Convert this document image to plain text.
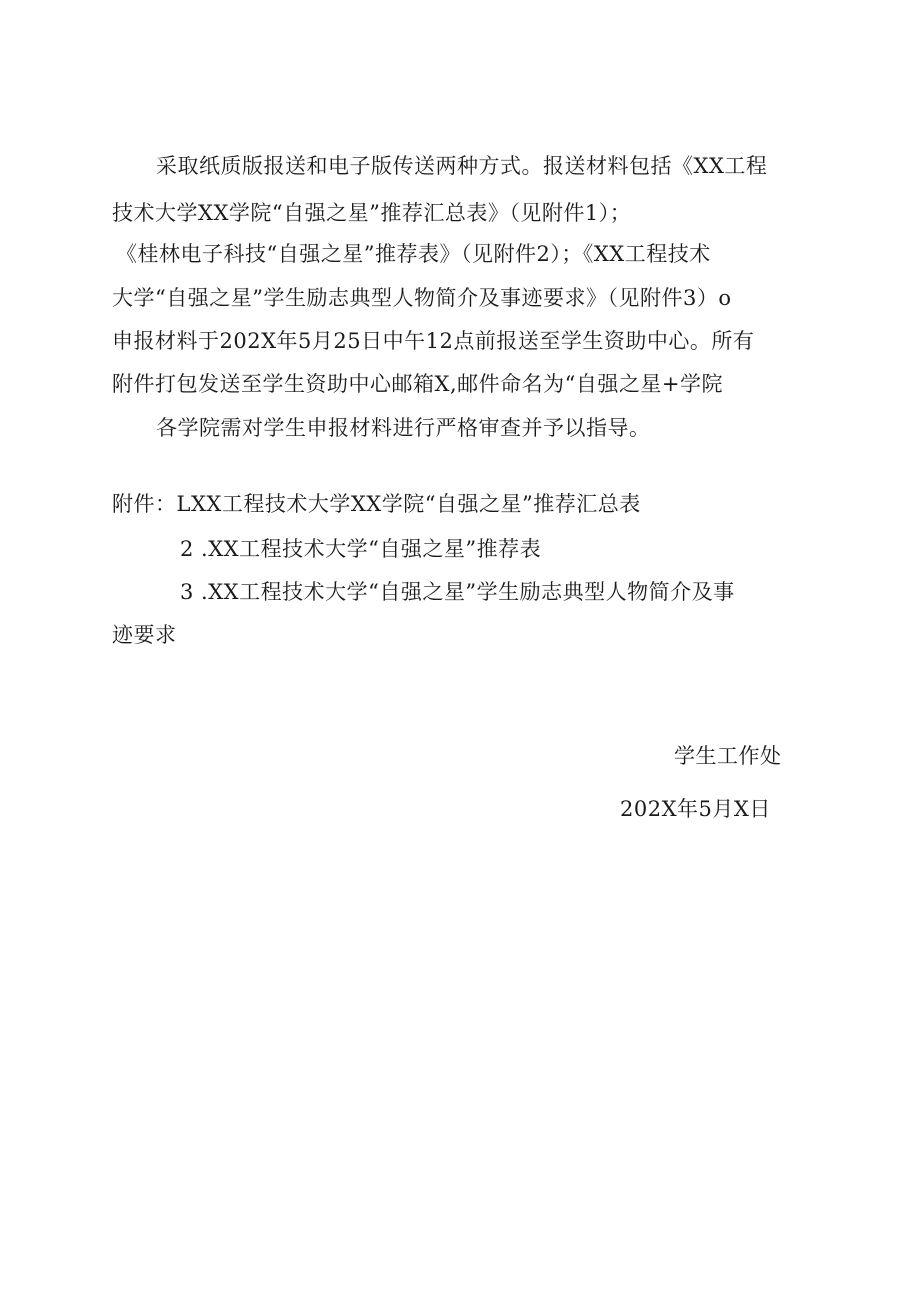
采取纸质版报送和电子版传送两种方式。报送材料包括《XX工程
技术大学XX学院“自强之星”推荐汇总表》（见附件1）；
《桂林电子科技“自强之星”推荐表》（见附件2）；《XX工程技术
大学“自强之星”学生励志典型人物简介及事迹要求》（见附件3）o
申报材料于202X年5月25日中午12点前报送至学生资助中心。所有
附件打包发送至学生资助中心邮箱X,邮件命名为“自强之星+学院
各学院需对学生申报材料进行严格审查并予以指导。
附件：LXX工程技术大学XX学院“自强之星”推荐汇总表
2 .XX工程技术大学“自强之星”推荐表
3 .XX工程技术大学“自强之星”学生励志典型人物简介及事
迹要求
学生工作处
202X年5月X日
